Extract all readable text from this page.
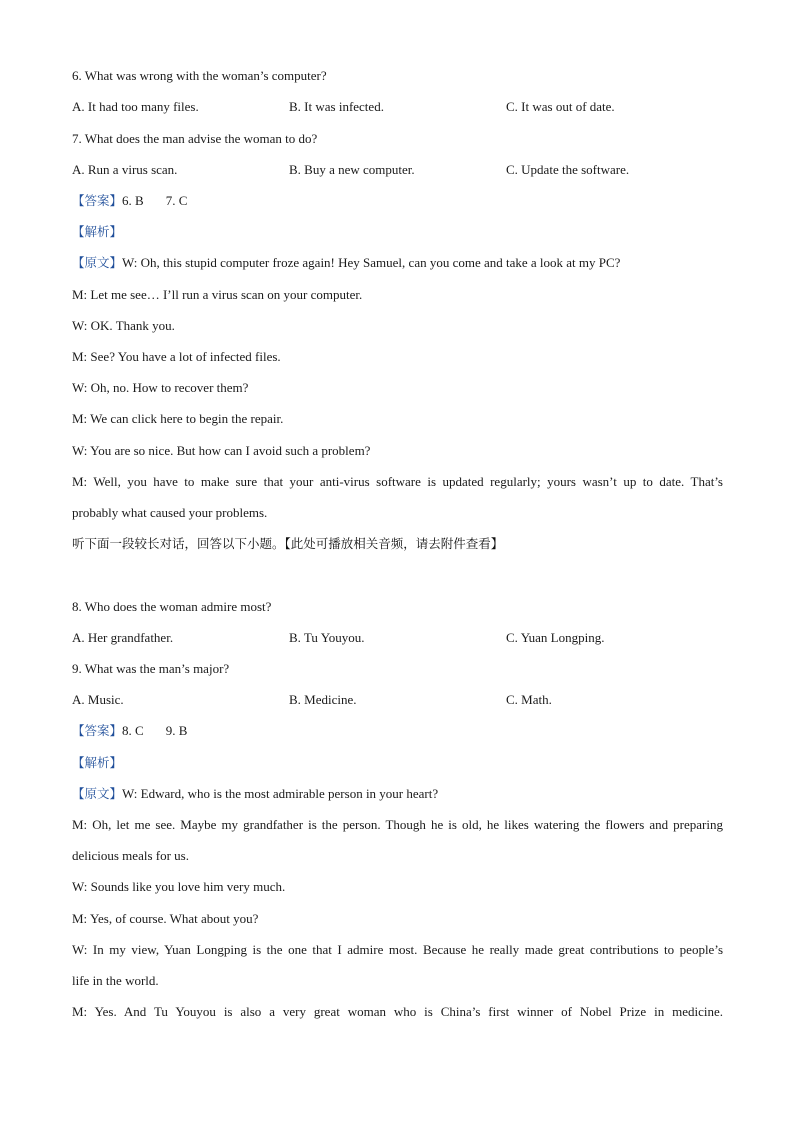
6. What was wrong with the woman’s computer?
A. It had too many files.	B. It was infected.	C. It was out of date.
7. What does the man advise the woman to do?
A. Run a virus scan.	B. Buy a new computer.	C. Update the software.
【答案】6. B 7. C
【解析】
【原文】W: Oh, this stupid computer froze again! Hey Samuel, can you come and take a look at my PC?
M: Let me see… I’ll run a virus scan on your computer.
W: OK. Thank you.
M: See? You have a lot of infected files.
W: Oh, no. How to recover them?
M: We can click here to begin the repair.
W: You are so nice. But how can I avoid such a problem?
M: Well, you have to make sure that your anti-virus software is updated regularly; yours wasn’t up to date. That’s
probably what caused your problems.
听下面一段较长对话，回答以下小题。【此处可播放相关音频，请去附件查看】
8. Who does the woman admire most?
A. Her grandfather.	B. Tu Youyou.	C. Yuan Longping.
9. What was the man’s major?
A. Music.	B. Medicine.	C. Math.
【答案】8. C 9. B
【解析】
【原文】W: Edward, who is the most admirable person in your heart?
M: Oh, let me see. Maybe my grandfather is the person. Though he is old, he likes watering the flowers and preparing
delicious meals for us.
W: Sounds like you love him very much.
M: Yes, of course. What about you?
W: In my view, Yuan Longping is the one that I admire most. Because he really made great contributions to people’s
life in the world.
M: Yes. And Tu Youyou is also a very great woman who is China’s first winner of Nobel Prize in medicine.
